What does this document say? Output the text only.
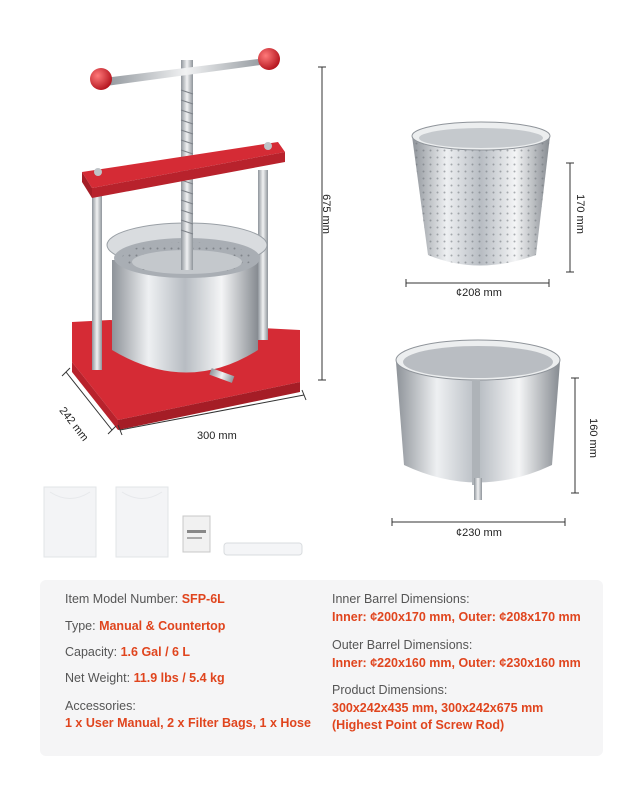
675 mm
300 mm
242 mm
170 mm
¢208 mm
160 mm
¢230 mm
Item Model Number: SFP-6L
Type: Manual & Countertop
Capacity: 1.6 Gal / 6 L
Net Weight: 11.9 lbs / 5.4 kg
Accessories:
1 x User Manual, 2 x Filter Bags, 1 x Hose
Inner Barrel Dimensions:
Inner: ¢200x170 mm, Outer: ¢208x170 mm
Outer Barrel Dimensions:
Inner: ¢220x160 mm, Outer: ¢230x160 mm
Product Dimensions:
300x242x435 mm, 300x242x675 mm
(Highest Point of Screw Rod)
